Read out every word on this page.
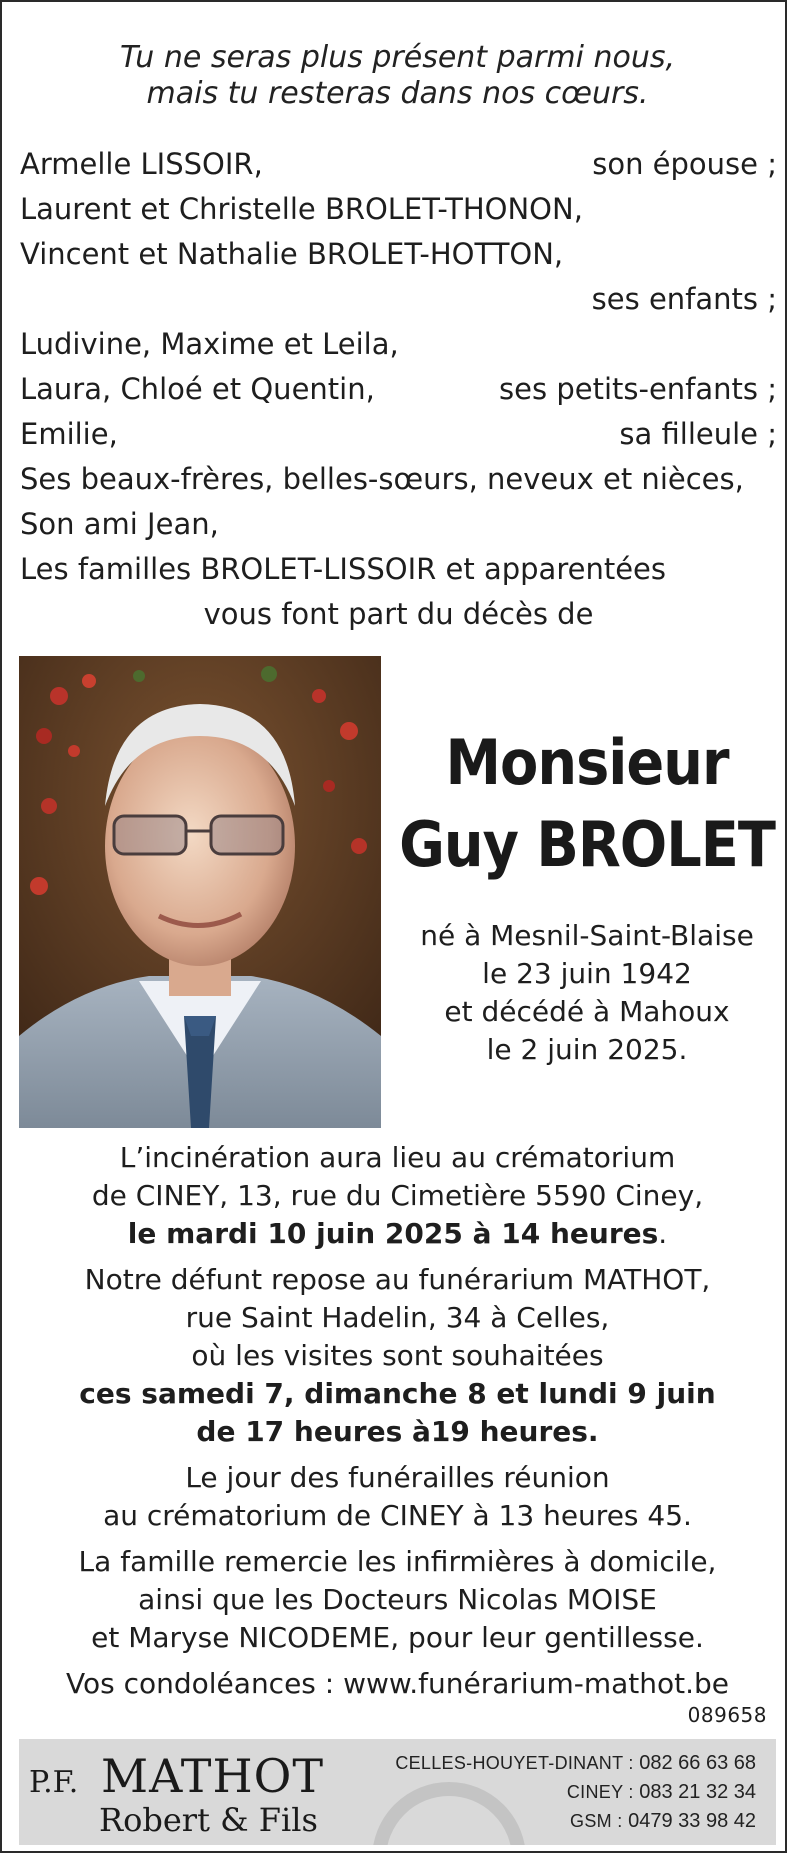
Tu ne seras plus présent parmi nous,
mais tu resteras dans nos cœurs.
Armelle LISSOIR,	son épouse ;
Laurent et Christelle BROLET-THONON,
Vincent et Nathalie BROLET-HOTTON,
ses enfants ;
Ludivine, Maxime et Leila,
Laura, Chloé et Quentin,	ses petits-enfants ;
Emilie,	sa filleule ;
Ses beaux-frères, belles-sœurs, neveux et nièces,
Son ami Jean,
Les familles BROLET-LISSOIR et apparentées
vous font part du décès de
Monsieur
Guy BROLET
né à Mesnil-Saint-Blaise
le 23 juin 1942
et décédé à Mahoux
le 2 juin 2025.
L’incinération aura lieu au crématorium
de CINEY, 13, rue du Cimetière 5590 Ciney,
le mardi 10 juin 2025 à 14 heures.
Notre défunt repose au funérarium MATHOT,
rue Saint Hadelin, 34 à Celles,
où les visites sont souhaitées
ces samedi 7, dimanche 8 et lundi 9 juin
de 17 heures à19 heures.
Le jour des funérailles réunion
au crématorium de CINEY à 13 heures 45.
La famille remercie les infirmières à domicile,
ainsi que les Docteurs Nicolas MOISE
et Maryse NICODEME, pour leur gentillesse.
Vos condoléances : www.funérarium-mathot.be
089658
P.F. MATHOT
Robert & Fils
CELLES-HOUYET-DINANT : 082 66 63 68
CINEY : 083 21 32 34
GSM : 0479 33 98 42
